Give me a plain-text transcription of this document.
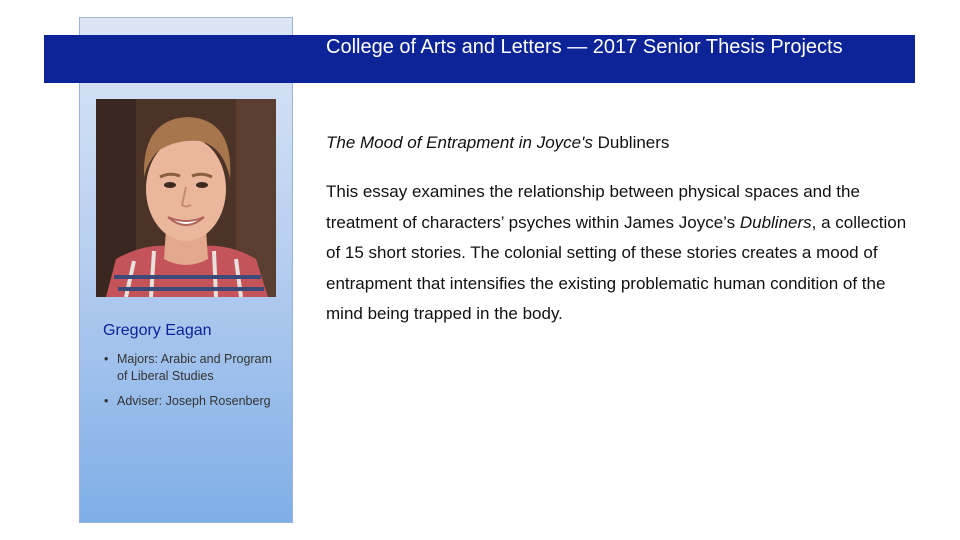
College of Arts and Letters — 2017 Senior Thesis Projects
Gregory Eagan
• Majors: Arabic and Program of Liberal Studies
• Adviser: Joseph Rosenberg
The Mood of Entrapment in Joyce's Dubliners

This essay examines the relationship between physical spaces and the treatment of characters’ psyches within James Joyce’s Dubliners, a collection of 15 short stories. The colonial setting of these stories creates a mood of entrapment that intensifies the existing problematic human condition of the mind being trapped in the body.
